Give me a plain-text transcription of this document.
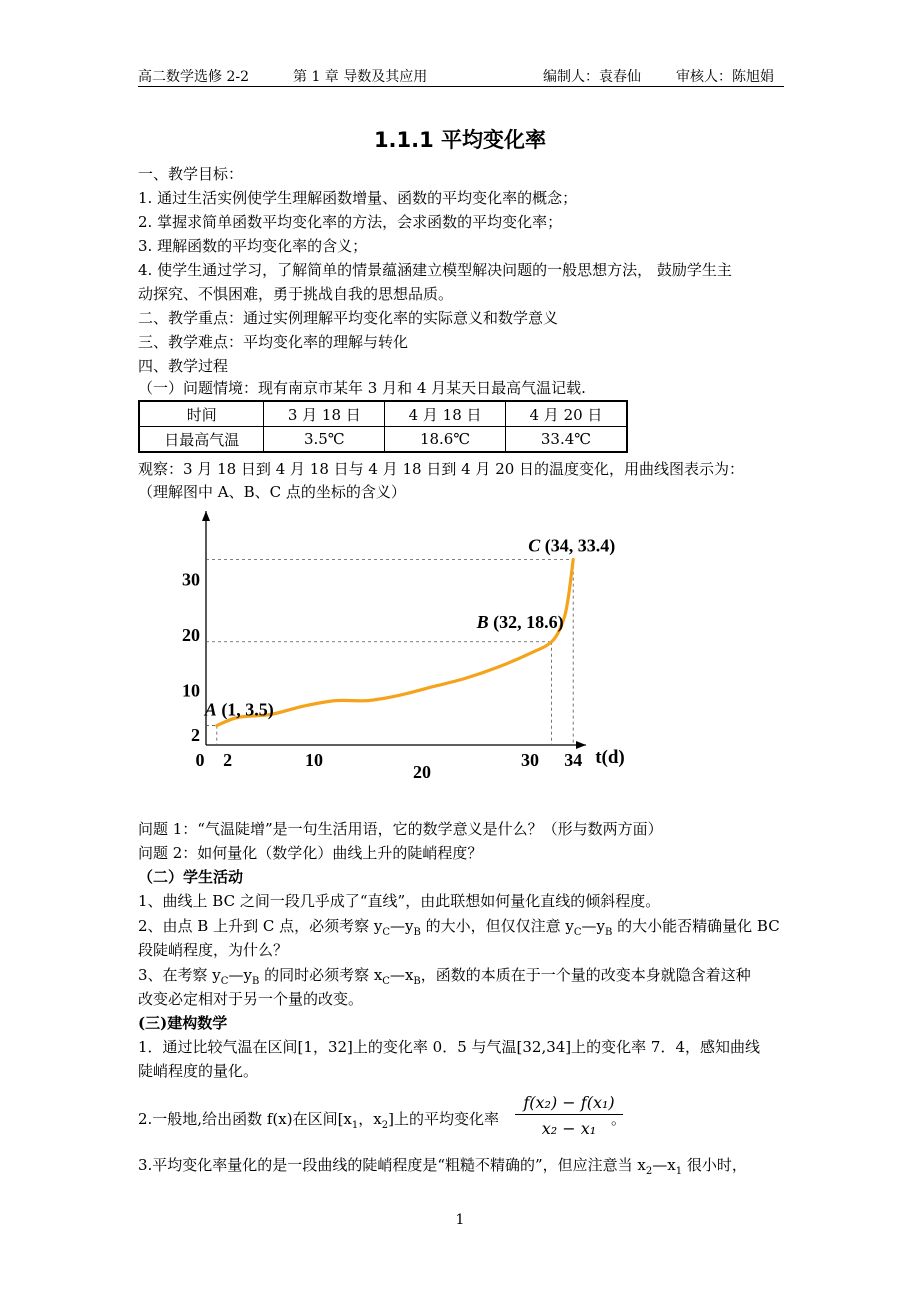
高二数学选修 2-2	第 1 章 导数及其应用	编制人：袁春仙	审核人：陈旭娟
1.1.1 平均变化率
一、教学目标：
1. 通过生活实例使学生理解函数增量、函数的平均变化率的概念；
2. 掌握求简单函数平均变化率的方法，会求函数的平均变化率；
3. 理解函数的平均变化率的含义；
4. 使学生通过学习，了解简单的情景蕴涵建立模型解决问题的一般思想方法， 鼓励学生主
动探究、不惧困难，勇于挑战自我的思想品质。
二、教学重点：通过实例理解平均变化率的实际意义和数学意义
三、教学难点：平均变化率的理解与转化
四、教学过程
（一）问题情境：现有南京市某年 3 月和 4 月某天日最高气温记载.
时间	3 月 18 日	4 月 18 日	4 月 20 日
日最高气温	3.5℃	18.6℃	33.4℃
观察：3 月 18 日到 4 月 18 日与 4 月 18 日到 4 月 20 日的温度变化，用曲线图表示为：
（理解图中 A、B、C 点的坐标的含义）
2
10
20
30
0 2	10
20
30 34 t(d)
A (1, 3.5)
B (32, 18.6)
C (34, 33.4)
问题 1：“气温陡增”是一句生活用语，它的数学意义是什么？（形与数两方面）
问题 2：如何量化（数学化）曲线上升的陡峭程度？
（二）学生活动
1、曲线上 BC 之间一段几乎成了“直线”，由此联想如何量化直线的倾斜程度。
2、由点 B 上升到 C 点，必须考察 $y_C—y_B$ 的大小，但仅仅注意 $y_C—y_B$ 的大小能否精确量化 BC
段陡峭程度，为什么？
3、在考察 $y_C—y_B$ 的同时必须考察 $x_C—x_B$，函数的本质在于一个量的改变本身就隐含着这种
改变必定相对于另一个量的改变。
(三)建构数学
1．通过比较气温在区间[1，32]上的变化率 0．5 与气温[32,34]上的变化率 7．4，感知曲线
陡峭程度的量化。
2.一般地,给出函数 f(x)在区间[$x_1$，$x_2$]上的平均变化率	。
$\frac{\text{f(x₂) − f(x₁)}}{\text{x₂ − x₁}}$
3.平均变化率量化的是一段曲线的陡峭程度是“粗糙不精确的”，但应注意当 $x_2—x_1$ 很小时，
1
